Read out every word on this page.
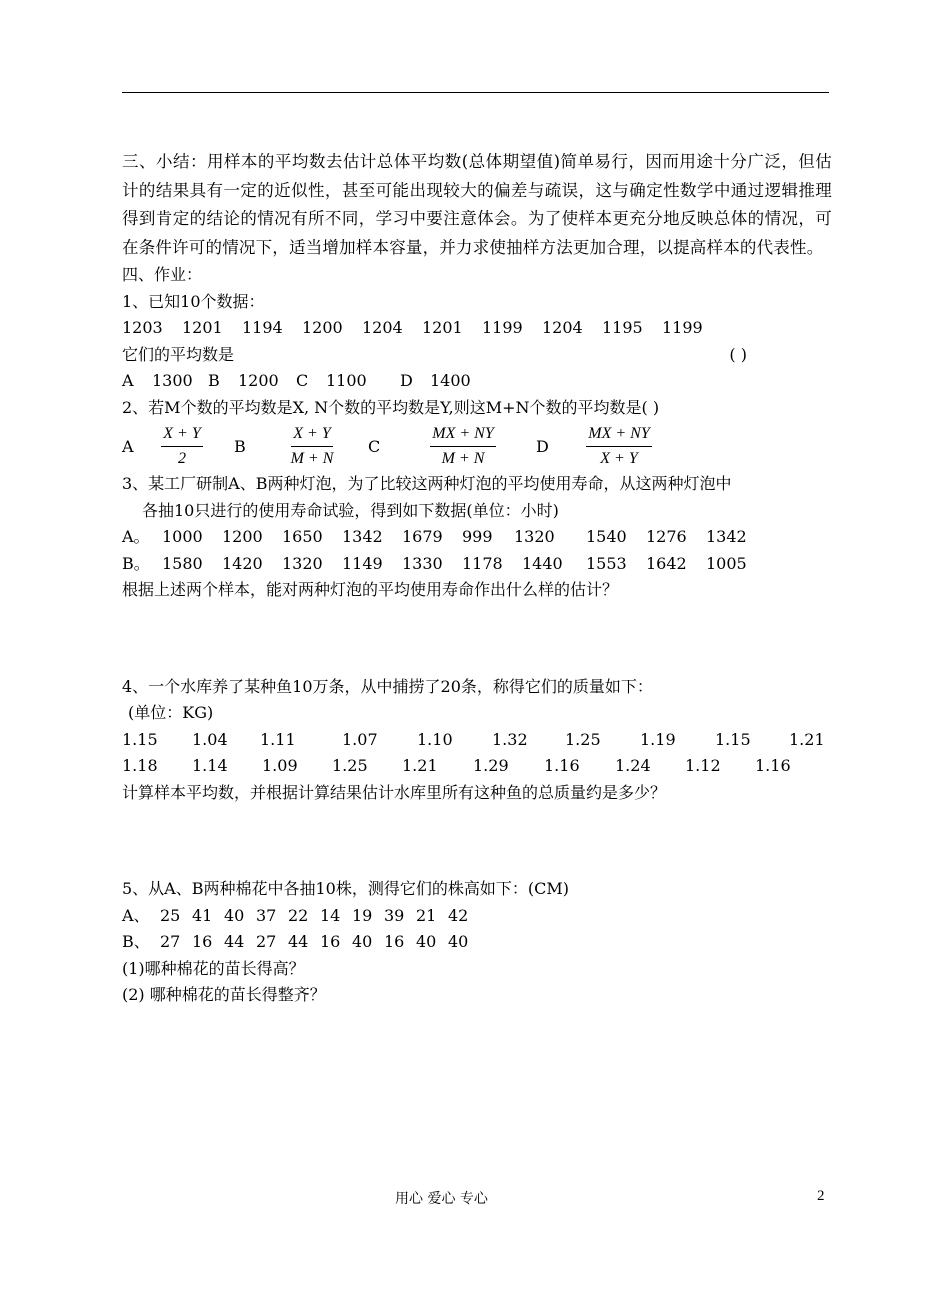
三、小结：用样本的平均数去估计总体平均数(总体期望值)简单易行，因而用途十分广泛，但估计的结果具有一定的近似性，甚至可能出现较大的偏差与疏误，这与确定性数学中通过逻辑推理得到肯定的结论的情况有所不同，学习中要注意体会。为了使样本更充分地反映总体的情况，可在条件许可的情况下，适当增加样本容量，并力求使抽样方法更加合理，以提高样本的代表性。

四、作业：

1、已知10个数据：

1203	1201	1194	1200	1204	1201	1199	1204	1195	1199
它们的平均数是	( )
A	1300 B	1200	C	1100	D	1400

2、若M个数的平均数是X, N个数的平均数是Y,则这M+N个数的平均数是( )

A	$\frac{X + Y}{2}$ B	$\frac{X + Y}{M + N}$ C	$\frac{MX + NY}{M + N}$ D	$\frac{MX + NY}{X + Y}$

3、某工厂研制A、B两种灯泡，为了比较这两种灯泡的平均使用寿命，从这两种灯泡中

各抽10只进行的使用寿命试验，得到如下数据(单位：小时)

A。 1000	1200	1650	1342	1679	999	1320	1540	1276	1342
B。 1580	1420	1320	1149	1330	1178	1440	1553	1642	1005

根据上述两个样本，能对两种灯泡的平均使用寿命作出什么样的估计？

4、一个水库养了某种鱼10万条，从中捕捞了20条，称得它们的质量如下：

(单位：KG)

1.15	1.04	1.11	1.07	1.10	1.32	1.25	1.19	1.15	1.21
1.18	1.14	1.09	1.25	1.21	1.29	1.16	1.24	1.12	1.16

计算样本平均数，并根据计算结果估计水库里所有这种鱼的总质量约是多少？

5、从A、B两种棉花中各抽10株，测得它们的株高如下：(CM)

A、 25 41 40 37 22 14 19 39 21 42
B、 27 16 44 27 44 16 40 16 40 40

(1)哪种棉花的苗长得高？

(2) 哪种棉花的苗长得整齐？

用心 爱心 专心	2
